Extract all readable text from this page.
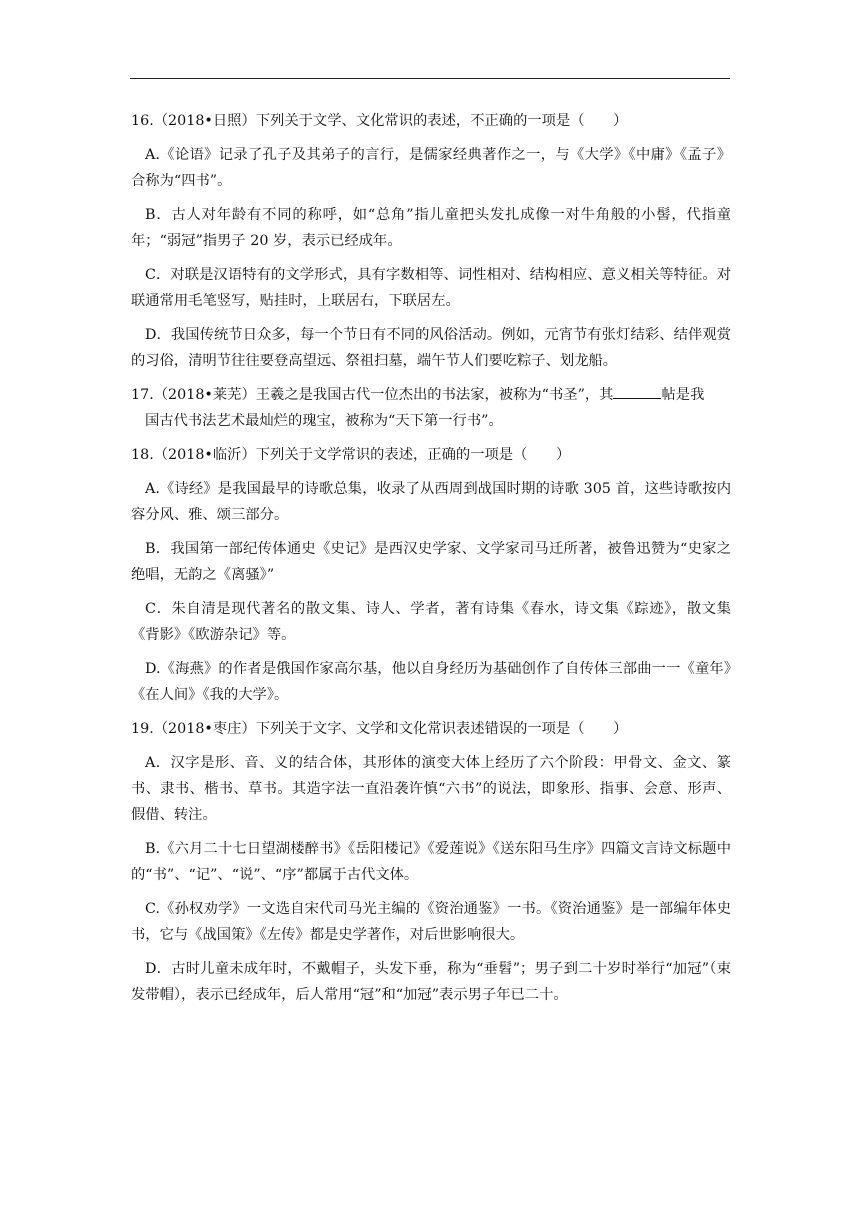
16.（2018•日照）下列关于文学、文化常识的表述，不正确的一项是（　　）

A.《论语》记录了孔子及其弟子的言行，是儒家经典著作之一，与《大学》《中庸》《孟子》合称为“四书”。

B．古人对年龄有不同的称呼，如“总角”指儿童把头发扎成像一对牛角般的小髻，代指童年；“弱冠”指男子 20 岁，表示已经成年。

C．对联是汉语特有的文学形式，具有字数相等、词性相对、结构相应、意义相关等特征。对联通常用毛笔竖写，贴挂时，上联居右，下联居左。

D．我国传统节日众多，每一个节日有不同的风俗活动。例如，元宵节有张灯结彩、结伴观赏的习俗，清明节往往要登高望远、祭祖扫墓，端午节人们要吃粽子、划龙船。

17.（2018•莱芜）王羲之是我国古代一位杰出的书法家，被称为“书圣”，其	帖是我
国古代书法艺术最灿烂的瑰宝，被称为“天下第一行书”。

18.（2018•临沂）下列关于文学常识的表述，正确的一项是（　　）

A.《诗经》是我国最早的诗歌总集，收录了从西周到战国时期的诗歌 305 首，这些诗歌按内容分风、雅、颂三部分。

B．我国第一部纪传体通史《史记》是西汉史学家、文学家司马迁所著，被鲁迅赞为“史家之绝唱，无韵之《离骚》”

C．朱自清是现代著名的散文集、诗人、学者，著有诗集《春水，诗文集《踪迹》，散文集《背影》《欧游杂记》等。

D.《海燕》的作者是俄国作家高尔基，他以自身经历为基础创作了自传体三部曲一一《童年》《在人间》《我的大学》。

19.（2018•枣庄）下列关于文字、文学和文化常识表述错误的一项是（　　）

A．汉字是形、音、义的结合体，其形体的演变大体上经历了六个阶段：甲骨文、金文、篆书、隶书、楷书、草书。其造字法一直沿袭许慎“六书”的说法，即象形、指事、会意、形声、假借、转注。

B.《六月二十七日望湖楼醉书》《岳阳楼记》《爱莲说》《送东阳马生序》四篇文言诗文标题中的“书”、“记”、“说”、“序”都属于古代文体。

C.《孙权劝学》一文选自宋代司马光主编的《资治通鉴》一书。《资治通鉴》是一部编年体史书，它与《战国策》《左传》都是史学著作，对后世影响很大。

D．古时儿童未成年时，不戴帽子，头发下垂，称为“垂髫”；男子到二十岁时举行“加冠”（束发带帽），表示已经成年，后人常用“冠”和“加冠”表示男子年已二十。
